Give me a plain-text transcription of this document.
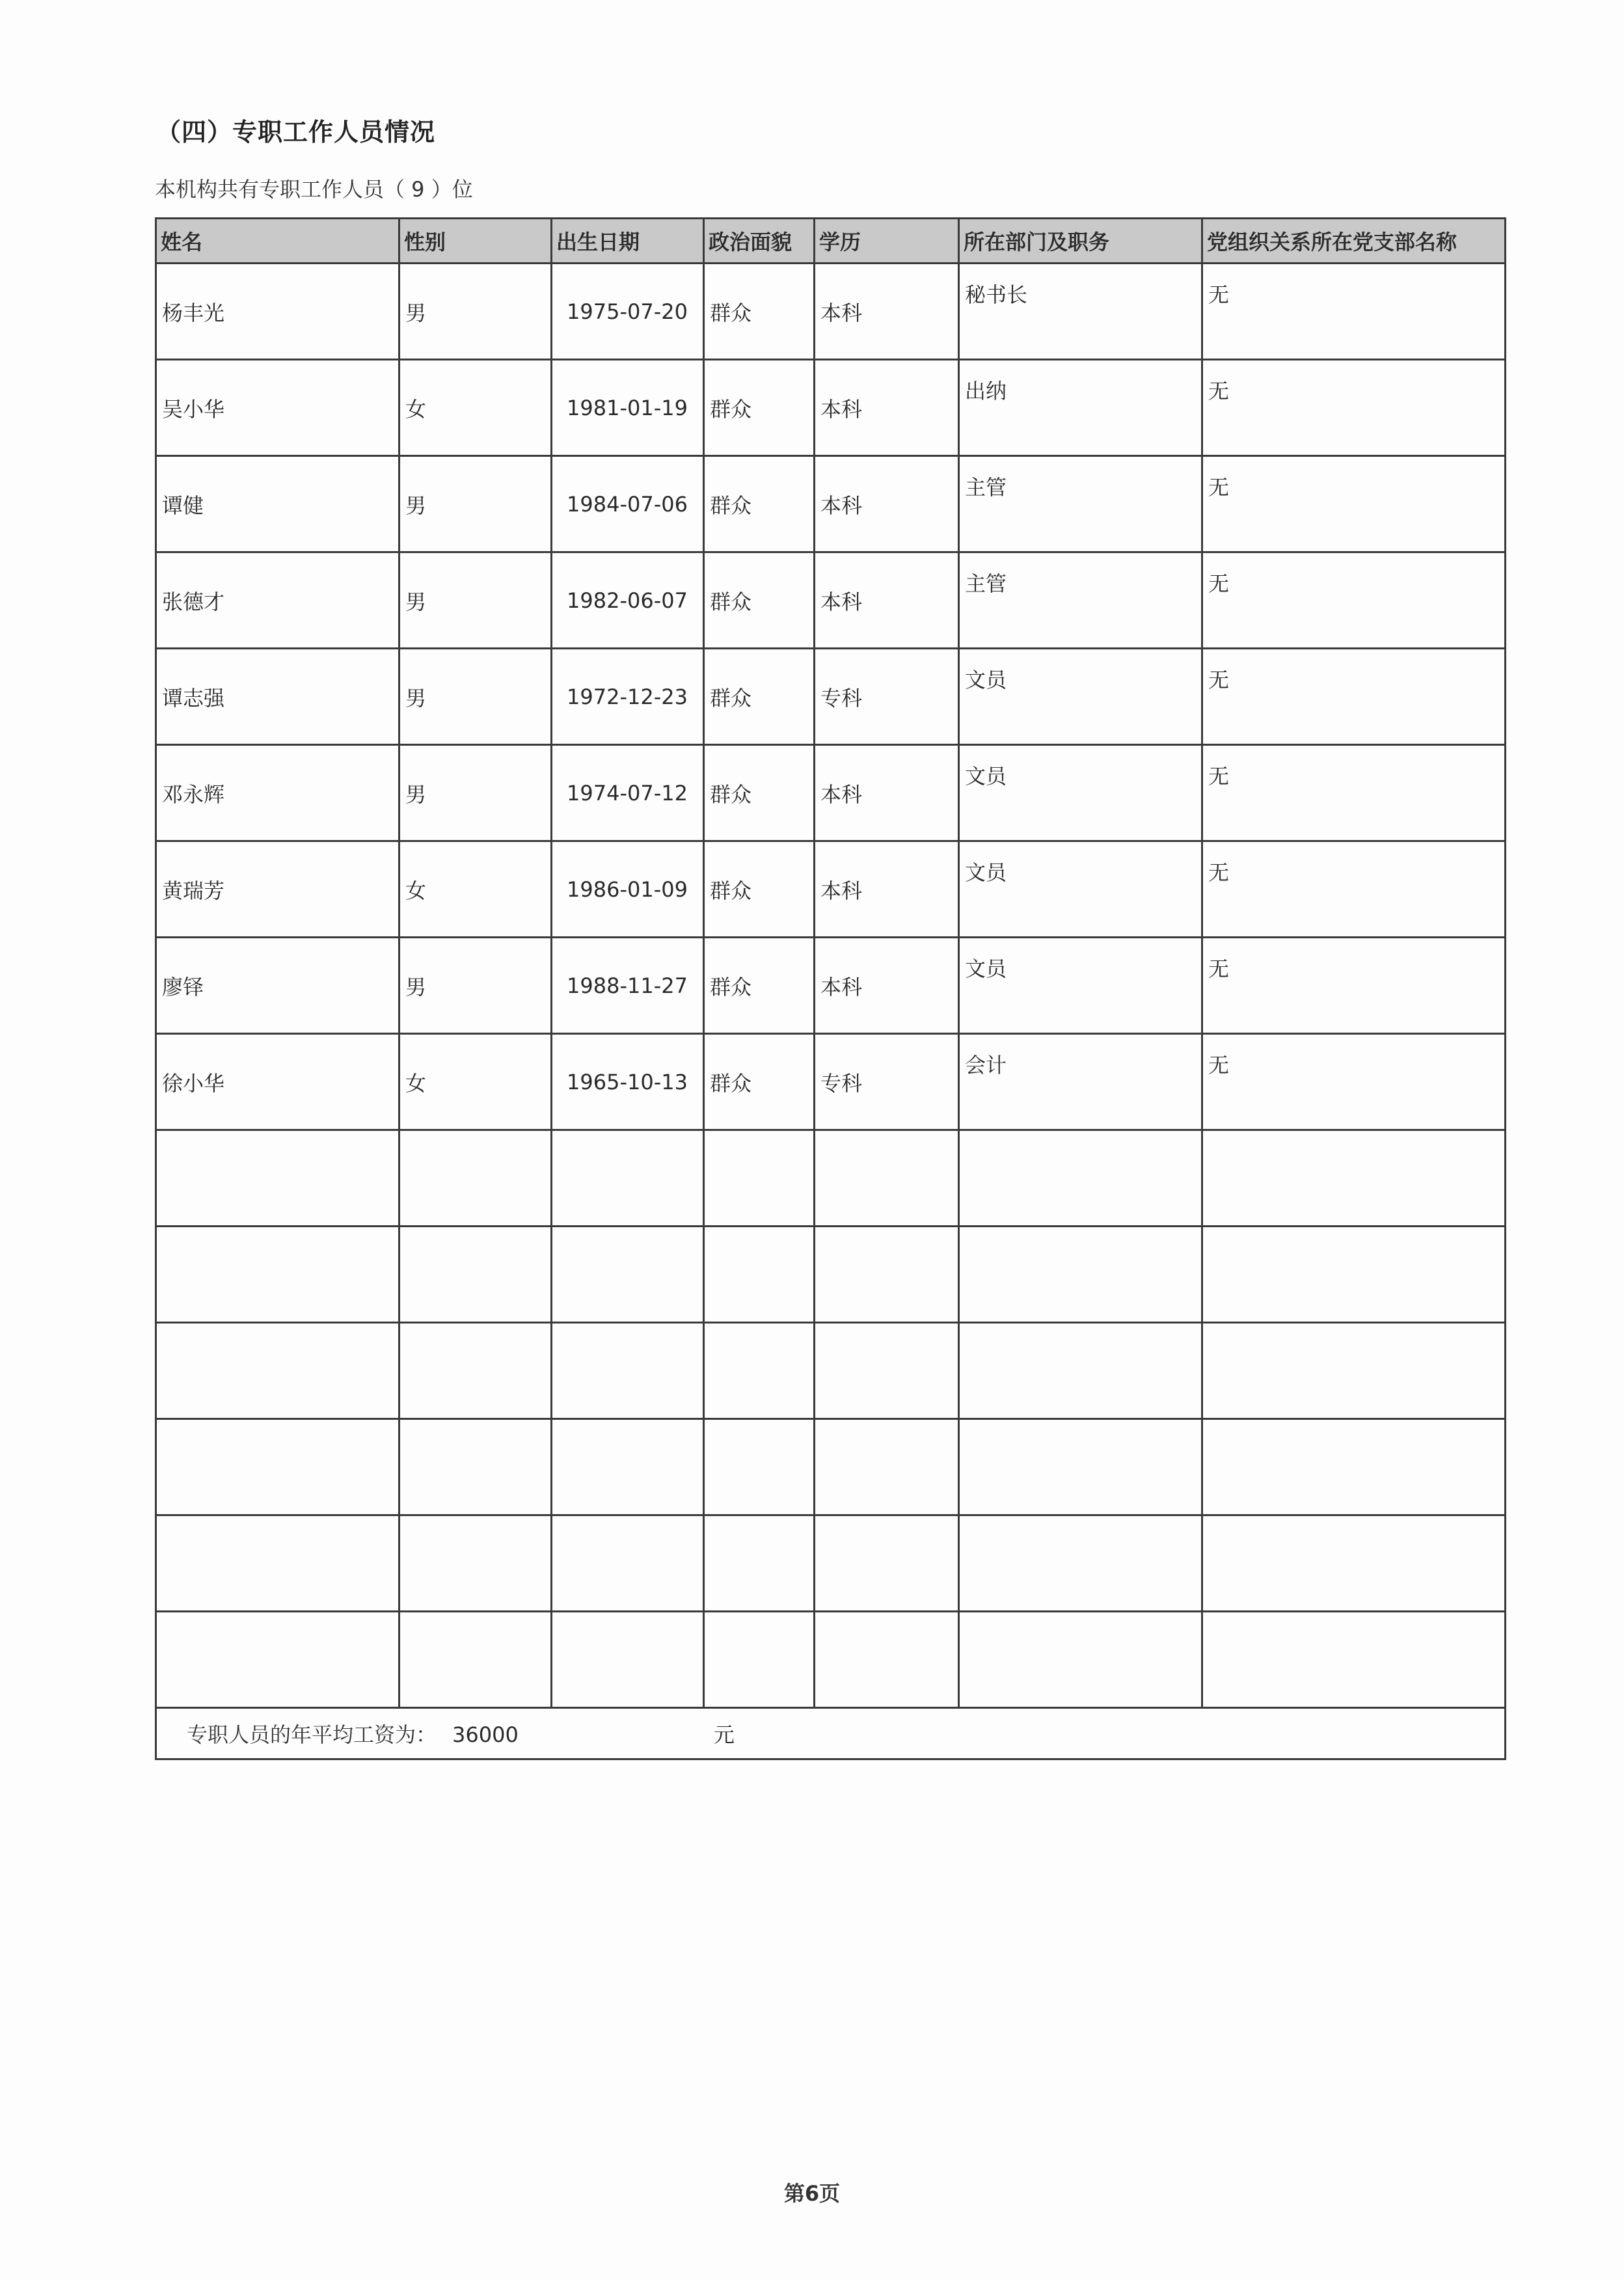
（四）专职工作人员情况
本机构共有专职工作人员（ 9 ）位
姓名	性别	出生日期	政治面貌	学历	所在部门及职务	党组织关系所在党支部名称
杨丰光	男	1975-07-20	群众	本科	秘书长	无
吴小华	女	1981-01-19	群众	本科	出纳	无
谭健	男	1984-07-06	群众	本科	主管	无
张德才	男	1982-06-07	群众	本科	主管	无
谭志强	男	1972-12-23	群众	专科	文员	无
邓永辉	男	1974-07-12	群众	本科	文员	无
黄瑞芳	女	1986-01-09	群众	本科	文员	无
廖铎	男	1988-11-27	群众	本科	文员	无
徐小华	女	1965-10-13	群众	专科	会计	无

专职人员的年平均工资为： 36000 元						
第6页
